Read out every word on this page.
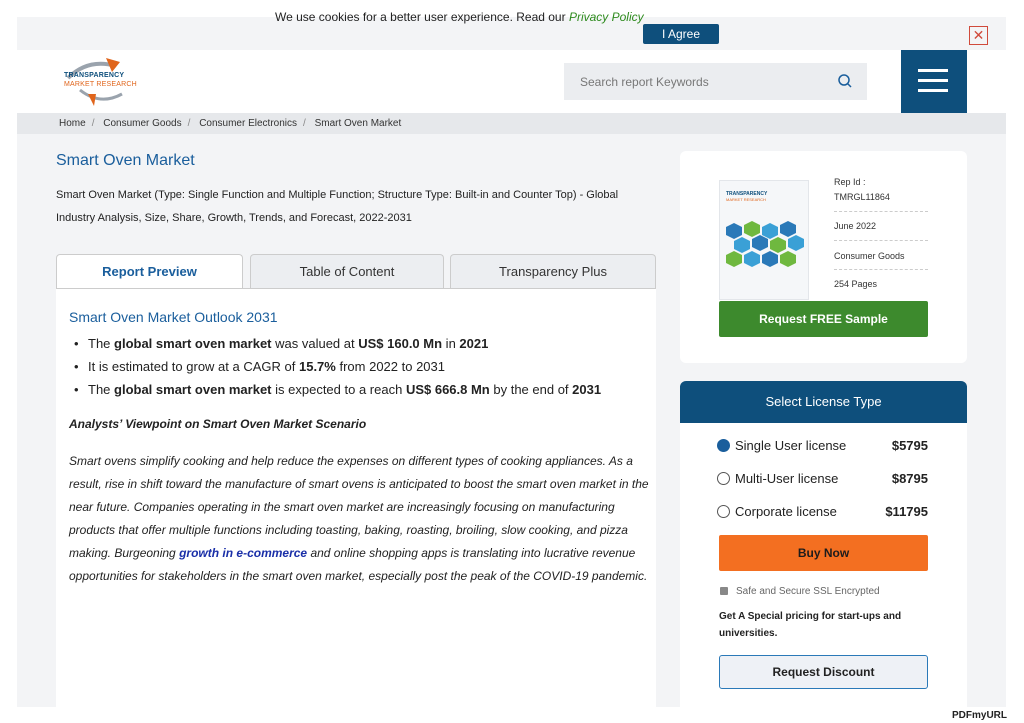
We use cookies for a better user experience. Read our Privacy Policy
I Agree	✕
TRANSPARENCY
MARKET RESEARCH	Search report Keywords
Home / Consumer Goods / Consumer Electronics / Smart Oven Market
Smart Oven Market
Smart Oven Market (Type: Single Function and Multiple Function; Structure Type: Built-in and Counter Top) - Global Industry Analysis, Size, Share, Growth, Trends, and Forecast, 2022-2031
Report Preview	Table of Content	Transparency Plus
Smart Oven Market Outlook 2031
• The global smart oven market was valued at US$ 160.0 Mn in 2021
• It is estimated to grow at a CAGR of 15.7% from 2022 to 2031
• The global smart oven market is expected to a reach US$ 666.8 Mn by the end of 2031
Analysts’ Viewpoint on Smart Oven Market Scenario
Smart ovens simplify cooking and help reduce the expenses on different types of cooking appliances. As a result, rise in shift toward the manufacture of smart ovens is anticipated to boost the smart oven market in the near future. Companies operating in the smart oven market are increasingly focusing on manufacturing products that offer multiple functions including toasting, baking, roasting, broiling, slow cooking, and pizza making. Burgeoning growth in e-commerce and online shopping apps is translating into lucrative revenue opportunities for stakeholders in the smart oven market, especially post the peak of the COVID-19 pandemic.
TRANSPARENCY
MARKET RESEARCH
Rep Id :
TMRGL11864
June 2022
Consumer Goods
254 Pages
Request FREE Sample
Select License Type
Single User license	$5795
Multi-User license	$8795
Corporate license	$11795
Buy Now
Safe and Secure SSL Encrypted
Get A Special pricing for start-ups and universities.
Request Discount
PDFmyURL
